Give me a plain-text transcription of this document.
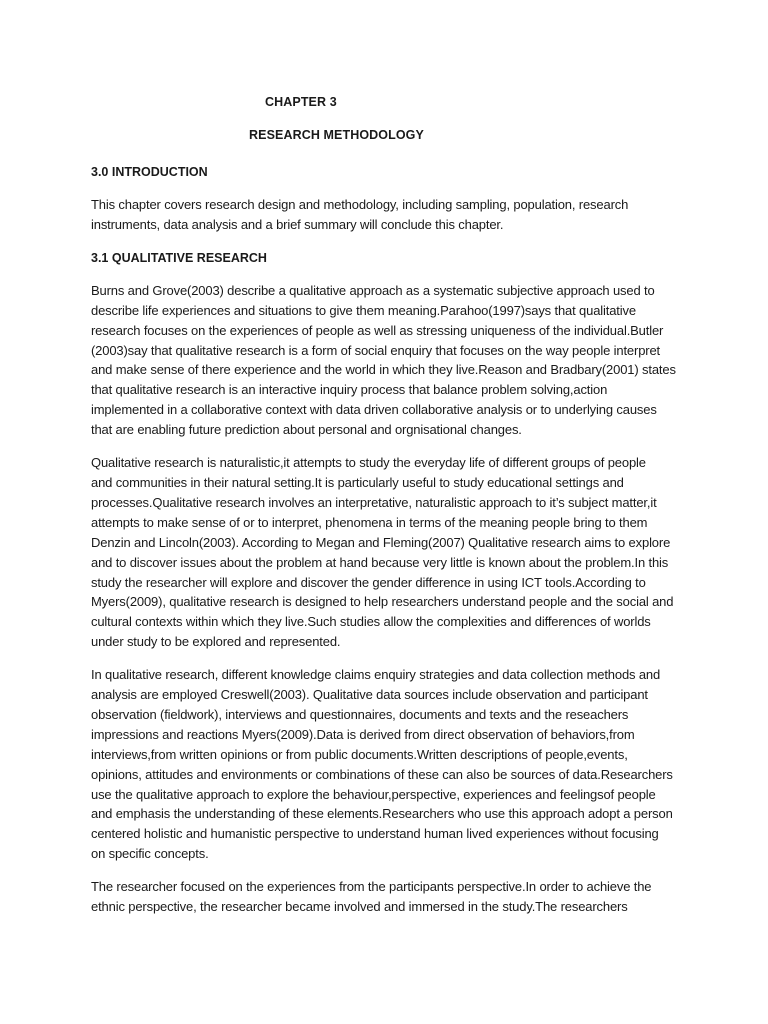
CHAPTER 3
RESEARCH METHODOLOGY
3.0 INTRODUCTION
This chapter covers research design and methodology, including sampling, population, research
instruments, data analysis and a brief summary will conclude this chapter.
3.1 QUALITATIVE RESEARCH
Burns and Grove(2003) describe a qualitative approach as a systematic subjective approach used to
describe life experiences and situations to give them meaning.Parahoo(1997)says that qualitative
research focuses on the experiences of people as well as stressing uniqueness of the individual.Butler
(2003)say that qualitative research is a form of social enquiry that focuses on the way people interpret
and make sense of there experience and the world in which they live.Reason and Bradbary(2001) states
that qualitative research is an interactive inquiry process that balance problem solving,action
implemented in a collaborative context with data driven collaborative analysis or to underlying causes
that are enabling future prediction about personal and orgnisational changes.
Qualitative research is naturalistic,it attempts to study the everyday life of different groups of people
and communities in their natural setting.It is particularly useful to study educational settings and
processes.Qualitative research involves an interpretative, naturalistic approach to it’s subject matter,it
attempts to make sense of or to interpret, phenomena in terms of the meaning people bring to them
Denzin and Lincoln(2003). According to Megan and Fleming(2007) Qualitative research aims to explore
and to discover issues about the problem at hand because very little is known about the problem.In this
study the researcher will explore and discover the gender difference in using ICT tools.According to
Myers(2009), qualitative research is designed to help researchers understand people and the social and
cultural contexts within which they live.Such studies allow the complexities and differences of worlds
under study to be explored and represented.
In qualitative research, different knowledge claims enquiry strategies and data collection methods and
analysis are employed Creswell(2003). Qualitative data sources include observation and participant
observation (fieldwork), interviews and questionnaires, documents and texts and the reseachers
impressions and reactions Myers(2009).Data is derived from direct observation of behaviors,from
interviews,from written opinions or from public documents.Written descriptions of people,events,
opinions, attitudes and environments or combinations of these can also be sources of data.Researchers
use the qualitative approach to explore the behaviour,perspective, experiences and feelingsof people
and emphasis the understanding of these elements.Researchers who use this approach adopt a person
centered holistic and humanistic perspective to understand human lived experiences without focusing
on specific concepts.
The researcher focused on the experiences from the participants perspective.In order to achieve the
ethnic perspective, the researcher became involved and immersed in the study.The researchers
